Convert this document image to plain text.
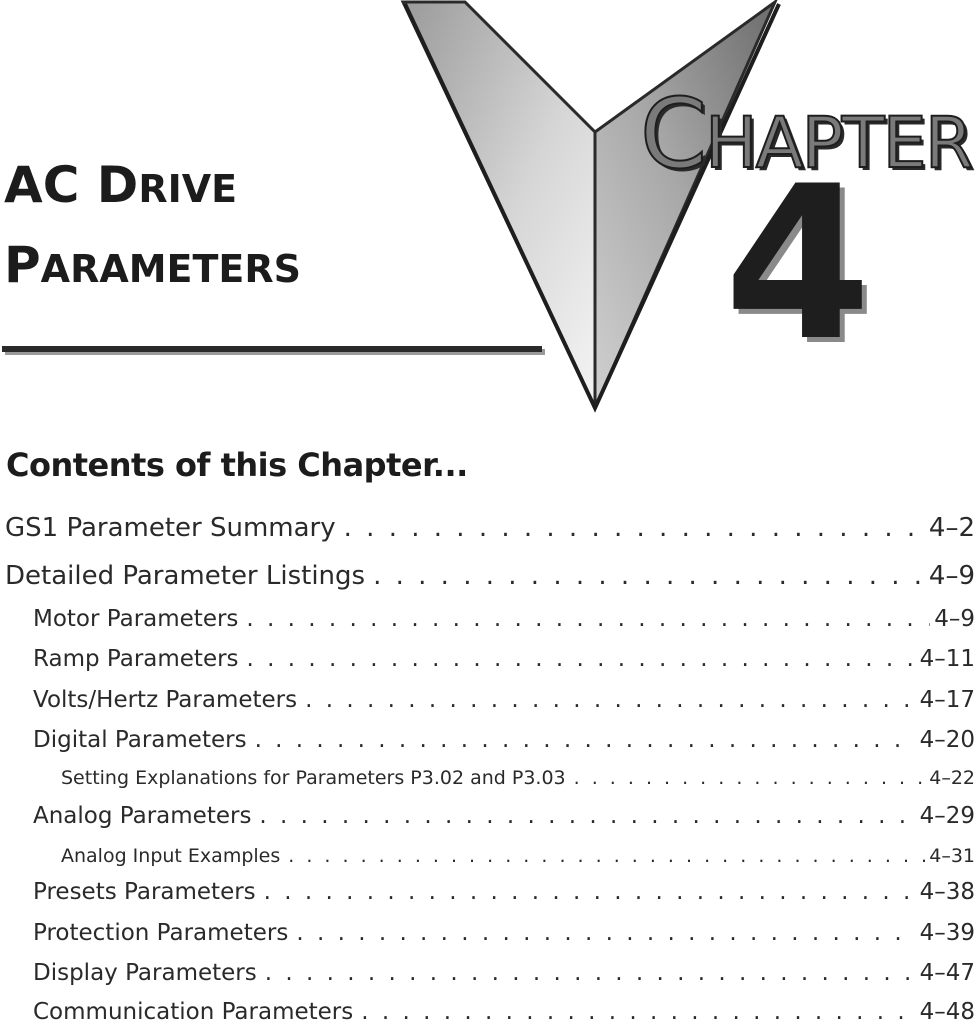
AC DRIVE
PARAMETERS
CHAPTER
4
Contents of this Chapter...
GS1 Parameter Summary . . .	4–2
Detailed Parameter Listings . . .	4–9
Motor Parameters . . .	4–9
Ramp Parameters . . .	4–11
Volts/Hertz Parameters . . .	4–17
Digital Parameters . . .	4–20
Setting Explanations for Parameters P3.02 and P3.03 . . .	4–22
Analog Parameters . . .	4–29
Analog Input Examples . . .	4–31
Presets Parameters . . .	4–38
Protection Parameters . . .	4–39
Display Parameters . . .	4–47
Communication Parameters . . .	4–48
